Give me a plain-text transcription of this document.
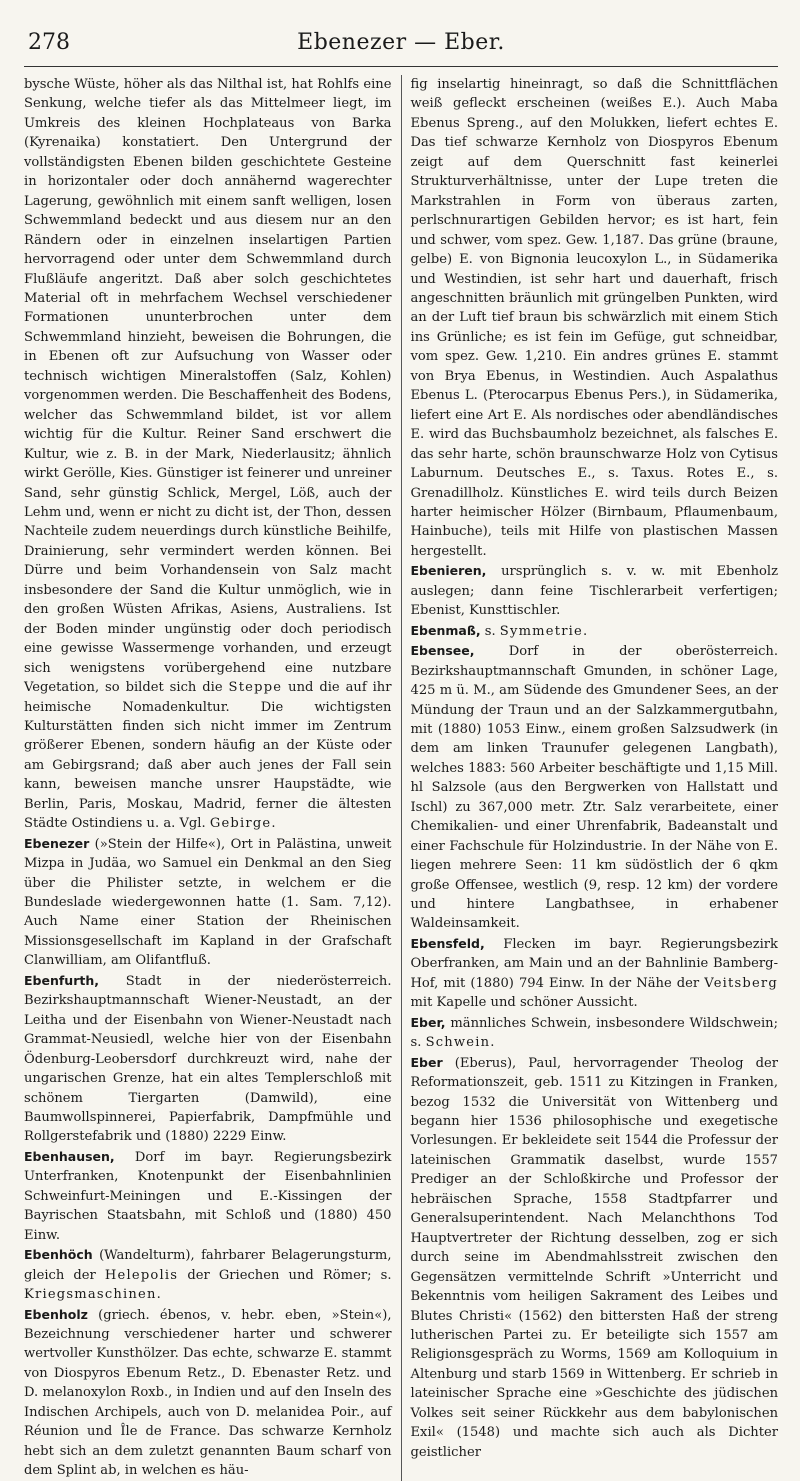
278	Ebenezer — Eber.

bysche Wüste, höher als das Nilthal ist, hat Rohlfs eine Senkung, welche tiefer als das Mittelmeer liegt, im Umkreis des kleinen Hochplateaus von Barka (Kyrenaika) konstatiert. Den Untergrund der vollständigsten Ebenen bilden geschichtete Gesteine in horizontaler oder doch annähernd wagerechter Lagerung, gewöhnlich mit einem sanft welligen, losen Schwemmland bedeckt und aus diesem nur an den Rändern oder in einzelnen inselartigen Partien hervorragend oder unter dem Schwemmland durch Flußläufe angeritzt. Daß aber solch geschichtetes Material oft in mehrfachem Wechsel verschiedener Formationen ununterbrochen unter dem Schwemmland hinzieht, beweisen die Bohrungen, die in Ebenen oft zur Aufsuchung von Wasser oder technisch wichtigen Mineralstoffen (Salz, Kohlen) vorgenommen werden. Die Beschaffenheit des Bodens, welcher das Schwemmland bildet, ist vor allem wichtig für die Kultur. Reiner Sand erschwert die Kultur, wie z. B. in der Mark, Niederlausitz; ähnlich wirkt Gerölle, Kies. Günstiger ist feinerer und unreiner Sand, sehr günstig Schlick, Mergel, Löß, auch der Lehm und, wenn er nicht zu dicht ist, der Thon, dessen Nachteile zudem neuerdings durch künstliche Beihilfe, Drainierung, sehr vermindert werden können. Bei Dürre und beim Vorhandensein von Salz macht insbesondere der Sand die Kultur unmöglich, wie in den großen Wüsten Afrikas, Asiens, Australiens. Ist der Boden minder ungünstig oder doch periodisch eine gewisse Wassermenge vorhanden, und erzeugt sich wenigstens vorübergehend eine nutzbare Vegetation, so bildet sich die Steppe und die auf ihr heimische Nomadenkultur. Die wichtigsten Kulturstätten finden sich nicht immer im Zentrum größerer Ebenen, sondern häufig an der Küste oder am Gebirgsrand; daß aber auch jenes der Fall sein kann, beweisen manche unsrer Haupstädte, wie Berlin, Paris, Moskau, Madrid, ferner die ältesten Städte Ostindiens u. a. Vgl. Gebirge.

Ebenezer (»Stein der Hilfe«), Ort in Palästina, unweit Mizpa in Judäa, wo Samuel ein Denkmal an den Sieg über die Philister setzte, in welchem er die Bundeslade wiedergewonnen hatte (1. Sam. 7,12). Auch Name einer Station der Rheinischen Missionsgesellschaft im Kapland in der Grafschaft Clanwilliam, am Olifantfluß.

Ebenfurth, Stadt in der niederösterreich. Bezirkshauptmannschaft Wiener-Neustadt, an der Leitha und der Eisenbahn von Wiener-Neustadt nach Grammat-Neusiedl, welche hier von der Eisenbahn Ödenburg-Leobersdorf durchkreuzt wird, nahe der ungarischen Grenze, hat ein altes Templerschloß mit schönem Tiergarten (Damwild), eine Baumwollspinnerei, Papierfabrik, Dampfmühle und Rollgerstefabrik und (1880) 2229 Einw.

Ebenhausen, Dorf im bayr. Regierungsbezirk Unterfranken, Knotenpunkt der Eisenbahnlinien Schweinfurt-Meiningen und E.-Kissingen der Bayrischen Staatsbahn, mit Schloß und (1880) 450 Einw.

Ebenhöch (Wandelturm), fahrbarer Belagerungsturm, gleich der Helepolis der Griechen und Römer; s. Kriegsmaschinen.

Ebenholz (griech. ébenos, v. hebr. eben, »Stein«), Bezeichnung verschiedener harter und schwerer wertvoller Kunsthölzer. Das echte, schwarze E. stammt von Diospyros Ebenum Retz., D. Ebenaster Retz. und D. melanoxylon Roxb., in Indien und auf den Inseln des Indischen Archipels, auch von D. melanidea Poir., auf Réunion und Île de France. Das schwarze Kernholz hebt sich an dem zuletzt genannten Baum scharf von dem Splint ab, in welchen es häu-

fig inselartig hineinragt, so daß die Schnittflächen weiß gefleckt erscheinen (weißes E.). Auch Maba Ebenus Spreng., auf den Molukken, liefert echtes E. Das tief schwarze Kernholz von Diospyros Ebenum zeigt auf dem Querschnitt fast keinerlei Strukturverhältnisse, unter der Lupe treten die Markstrahlen in Form von überaus zarten, perlschnurartigen Gebilden hervor; es ist hart, fein und schwer, vom spez. Gew. 1,187. Das grüne (braune, gelbe) E. von Bignonia leucoxylon L., in Südamerika und Westindien, ist sehr hart und dauerhaft, frisch angeschnitten bräunlich mit grüngelben Punkten, wird an der Luft tief braun bis schwärzlich mit einem Stich ins Grünliche; es ist fein im Gefüge, gut schneidbar, vom spez. Gew. 1,210. Ein andres grünes E. stammt von Brya Ebenus, in Westindien. Auch Aspalathus Ebenus L. (Pterocarpus Ebenus Pers.), in Südamerika, liefert eine Art E. Als nordisches oder abendländisches E. wird das Buchsbaumholz bezeichnet, als falsches E. das sehr harte, schön braunschwarze Holz von Cytisus Laburnum. Deutsches E., s. Taxus. Rotes E., s. Grenadillholz. Künstliches E. wird teils durch Beizen harter heimischer Hölzer (Birnbaum, Pflaumenbaum, Hainbuche), teils mit Hilfe von plastischen Massen hergestellt.

Ebenieren, ursprünglich s. v. w. mit Ebenholz auslegen; dann feine Tischlerarbeit verfertigen; Ebenist, Kunsttischler.

Ebenmaß, s. Symmetrie.

Ebensee,	Dorf in der oberösterreich. Bezirkshauptmannschaft Gmunden, in schöner Lage, 425 m ü. M., am Südende des Gmundener Sees, an der Mündung der Traun und an der Salzkammergutbahn, mit (1880) 1053 Einw., einem großen Salzsudwerk (in dem am linken Traunufer gelegenen Langbath), welches 1883: 560 Arbeiter beschäftigte und 1,15 Mill. hl Salzsole (aus den Bergwerken von Hallstatt und Ischl) zu 367,000 metr. Ztr. Salz verarbeitete, einer Chemikalien- und einer Uhrenfabrik, Badeanstalt und einer Fachschule für Holzindustrie. In der Nähe von E. liegen mehrere Seen: 11 km südöstlich der 6 qkm große Offensee, westlich (9, resp. 12 km) der vordere und hintere Langbathsee, in erhabener Waldeinsamkeit.

Ebensfeld, Flecken im bayr. Regierungsbezirk Oberfranken, am Main und an der Bahnlinie Bamberg-Hof, mit (1880) 794 Einw. In der Nähe der Veitsberg mit Kapelle und schöner Aussicht.

Eber, männliches Schwein, insbesondere Wildschwein; s. Schwein.

Eber (Eberus), Paul, hervorragender Theolog der Reformationszeit, geb. 1511 zu Kitzingen in Franken, bezog 1532 die Universität von Wittenberg und begann hier 1536 philosophische und exegetische Vorlesungen. Er bekleidete seit 1544 die Professur der lateinischen Grammatik daselbst, wurde 1557 Prediger an der Schloßkirche und Professor der hebräischen Sprache, 1558 Stadtpfarrer und Generalsuperintendent. Nach Melanchthons Tod Hauptvertreter der Richtung desselben, zog er sich durch seine im Abendmahlsstreit zwischen den Gegensätzen vermittelnde Schrift »Unterricht und Bekenntnis vom heiligen Sakrament des Leibes und Blutes Christi« (1562) den bittersten Haß der streng lutherischen Partei zu. Er beteiligte sich 1557 am Religionsgespräch zu Worms, 1569 am Kolloquium in Altenburg und starb 1569 in Wittenberg. Er schrieb in lateinischer Sprache eine »Geschichte des jüdischen Volkes seit seiner Rückkehr aus dem babylonischen Exil« (1548) und machte sich auch als Dichter geistlicher
